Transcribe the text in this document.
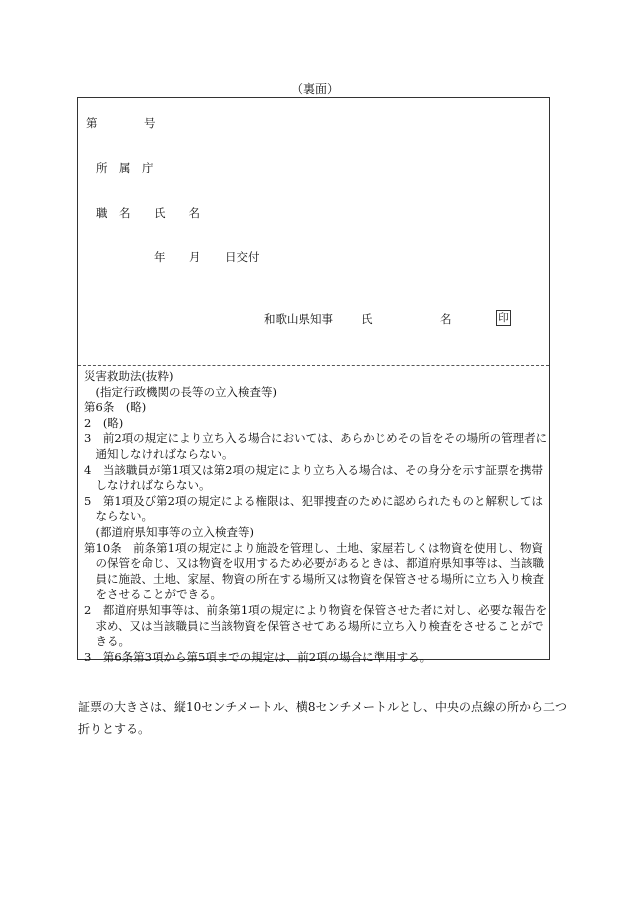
（裏面）
第	号
所　属　庁
職　名 氏　　名
年 月 日交付
和歌山県知事 氏	名	印
災害救助法(抜粋)
　(指定行政機関の長等の立入検査等)
第6条　(略)
2　(略)
3　前2項の規定により立ち入る場合においては、あらかじめその旨をその場所の管理者に
　通知しなければならない。
4　当該職員が第1項又は第2項の規定により立ち入る場合は、その身分を示す証票を携帯
　しなければならない。
5　第1項及び第2項の規定による権限は、犯罪捜査のために認められたものと解釈しては
　ならない。
　(都道府県知事等の立入検査等)
第10条　前条第1項の規定により施設を管理し、土地、家屋若しくは物資を使用し、物資
　の保管を命じ、又は物資を収用するため必要があるときは、都道府県知事等は、当該職
　員に施設、土地、家屋、物資の所在する場所又は物資を保管させる場所に立ち入り検査
　をさせることができる。
2　都道府県知事等は、前条第1項の規定により物資を保管させた者に対し、必要な報告を
　求め、又は当該職員に当該物資を保管させてある場所に立ち入り検査をさせることがで
　きる。
3　第6条第3項から第5項までの規定は、前2項の場合に準用する。
証票の大きさは、縦10センチメートル、横8センチメートルとし、中央の点線の所から二つ
折りとする。
